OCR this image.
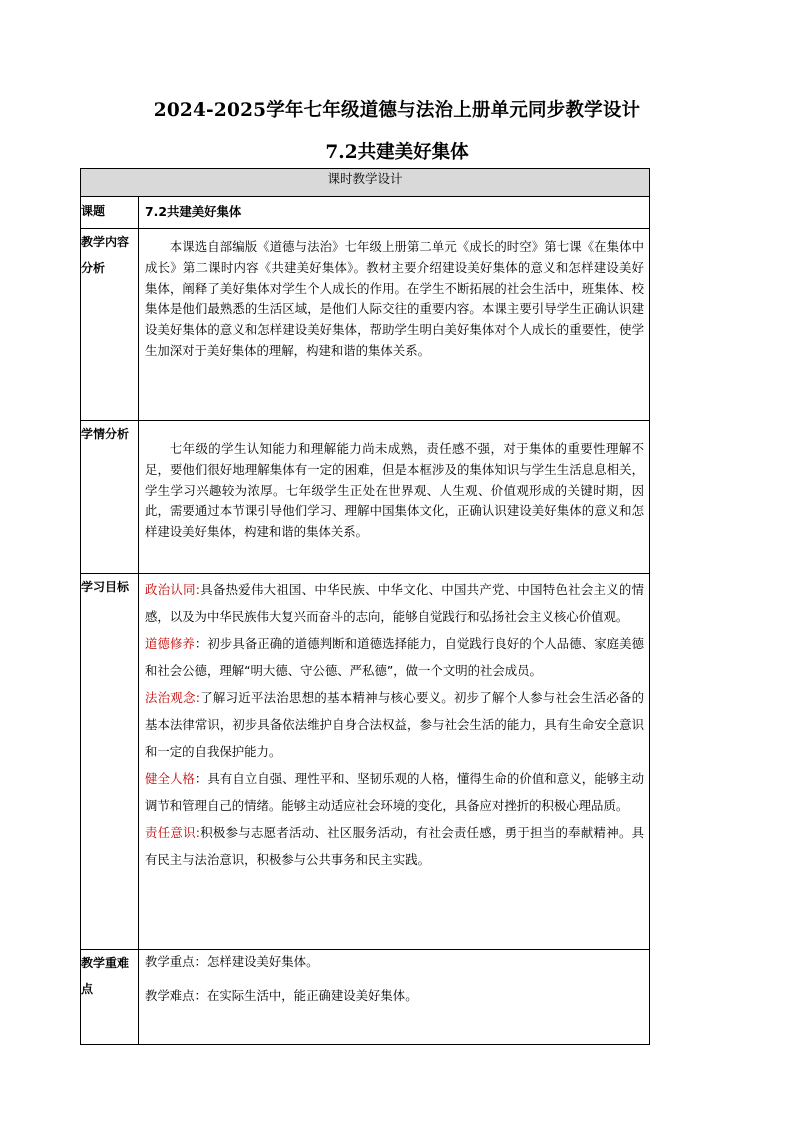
2024-2025学年七年级道德与法治上册单元同步教学设计
7.2共建美好集体
课时教学设计	
课题	7.2共建美好集体

教学内容分析	本课选自部编版《道德与法治》七年级上册第二单元《成长的时空》第七课《在集体中成长》第二课时内容《共建美好集体》。教材主要介绍建设美好集体的意义和怎样建设美好集体，阐释了美好集体对学生个人成长的作用。在学生不断拓展的社会生活中，班集体、校集体是他们最熟悉的生活区域，是他们人际交往的重要内容。本课主要引导学生正确认识建设美好集体的意义和怎样建设美好集体，帮助学生明白美好集体对个人成长的重要性，使学生加深对于美好集体的理解，构建和谐的集体关系。

学情分析	七年级的学生认知能力和理解能力尚未成熟，责任感不强，对于集体的重要性理解不足，要他们很好地理解集体有一定的困难，但是本框涉及的集体知识与学生生活息息相关，学生学习兴趣较为浓厚。七年级学生正处在世界观、人生观、价值观形成的关键时期，因此，需要通过本节课引导他们学习、理解中国集体文化，正确认识建设美好集体的意义和怎样建设美好集体，构建和谐的集体关系。

学习目标	政治认同:具备热爱伟大祖国、中华民族、中华文化、中国共产党、中国特色社会主义的情感，以及为中华民族伟大复兴而奋斗的志向，能够自觉践行和弘扬社会主义核心价值观。

道德修养：初步具备正确的道德判断和道德选择能力，自觉践行良好的个人品德、家庭美德和社会公德，理解“明大德、守公德、严私德”，做一个文明的社会成员。

法治观念:了解习近平法治思想的基本精神与核心要义。初步了解个人参与社会生活必备的基本法律常识，初步具备依法维护自身合法权益，参与社会生活的能力，具有生命安全意识和一定的自我保护能力。

健全人格：具有自立自强、理性平和、坚韧乐观的人格，懂得生命的价值和意义，能够主动调节和管理自己的情绪。能够主动适应社会环境的变化，具备应对挫折的积极心理品质。

责任意识:积极参与志愿者活动、社区服务活动，有社会责任感，勇于担当的奉献精神。具有民主与法治意识，积极参与公共事务和民主实践。

教学重难点	教学重点：怎样建设美好集体。

教学难点：在实际生活中，能正确建设美好集体。
